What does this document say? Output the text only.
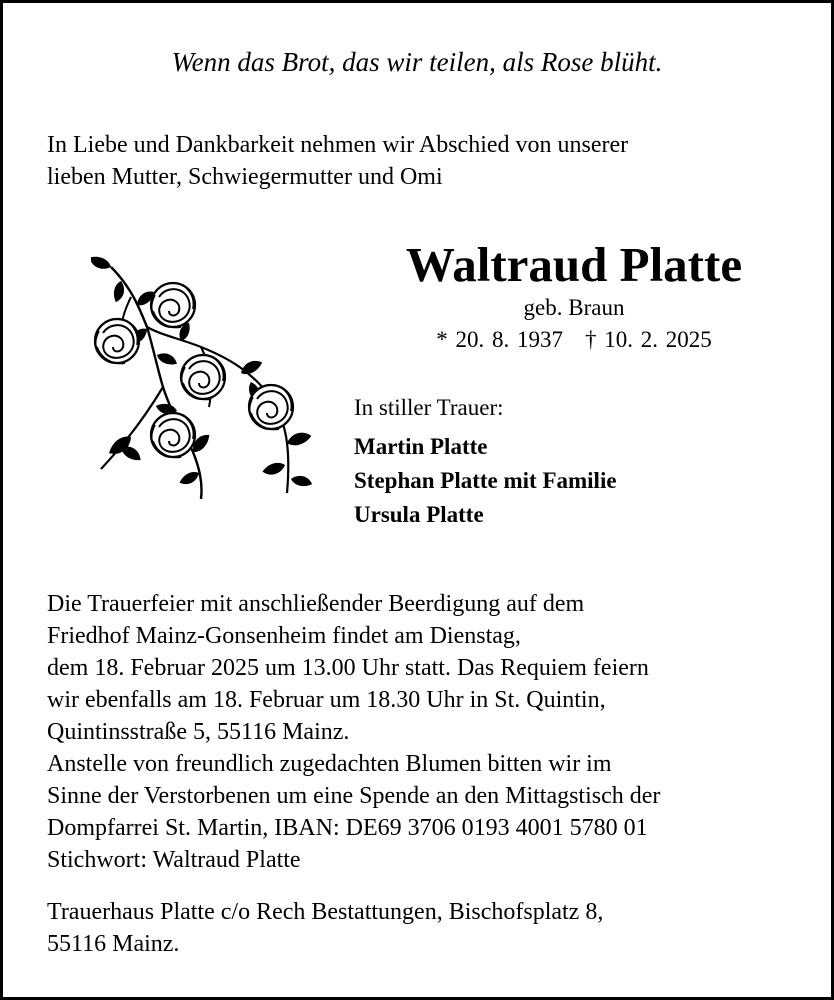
Wenn das Brot, das wir teilen, als Rose blüht.
In Liebe und Dankbarkeit nehmen wir Abschied von unserer
lieben Mutter, Schwiegermutter und Omi
Waltraud Platte
geb. Braun
* 20. 8. 1937 † 10. 2. 2025
In stiller Trauer:
Martin Platte
Stephan Platte mit Familie
Ursula Platte
Die Trauerfeier mit anschließender Beerdigung auf dem
Friedhof Mainz-Gonsenheim findet am Dienstag,
dem 18. Februar 2025 um 13.00 Uhr statt. Das Requiem feiern
wir ebenfalls am 18. Februar um 18.30 Uhr in St. Quintin,
Quintinsstraße 5, 55116 Mainz.
Anstelle von freundlich zugedachten Blumen bitten wir im
Sinne der Verstorbenen um eine Spende an den Mittagstisch der
Dompfarrei St. Martin, IBAN: DE69 3706 0193 4001 5780 01
Stichwort: Waltraud Platte
Trauerhaus Platte c/o Rech Bestattungen, Bischofsplatz 8,
55116 Mainz.
